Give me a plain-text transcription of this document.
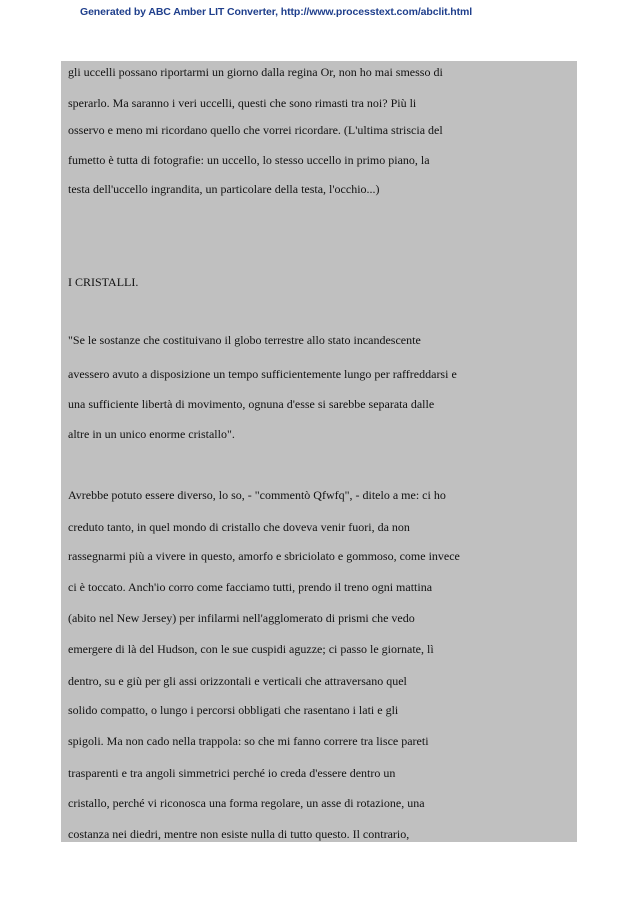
Generated by ABC Amber LIT Converter, http://www.processtext.com/abclit.html
gli uccelli possano riportarmi un giorno dalla regina Or, non ho mai smesso di
sperarlo. Ma saranno i veri uccelli, questi che sono rimasti tra noi? Più li
osservo e meno mi ricordano quello che vorrei ricordare. (L'ultima striscia del
fumetto è tutta di fotografie: un uccello, lo stesso uccello in primo piano, la
testa dell'uccello ingrandita, un particolare della testa, l'occhio...)
I CRISTALLI.
"Se le sostanze che costituivano il globo terrestre allo stato incandescente
avessero avuto a disposizione un tempo sufficientemente lungo per raffreddarsi e
una sufficiente libertà di movimento, ognuna d'esse si sarebbe separata dalle
altre in un unico enorme cristallo".
Avrebbe potuto essere diverso, lo so, - "commentò Qfwfq", - ditelo a me: ci ho
creduto tanto, in quel mondo di cristallo che doveva venir fuori, da non
rassegnarmi più a vivere in questo, amorfo e sbriciolato e gommoso, come invece
ci è toccato. Anch'io corro come facciamo tutti, prendo il treno ogni mattina
(abito nel New Jersey) per infilarmi nell'agglomerato di prismi che vedo
emergere di là del Hudson, con le sue cuspidi aguzze; ci passo le giornate, lì
dentro, su e giù per gli assi orizzontali e verticali che attraversano quel
solido compatto, o lungo i percorsi obbligati che rasentano i lati e gli
spigoli. Ma non cado nella trappola: so che mi fanno correre tra lisce pareti
trasparenti e tra angoli simmetrici perché io creda d'essere dentro un
cristallo, perché vi riconosca una forma regolare, un asse di rotazione, una
costanza nei diedri, mentre non esiste nulla di tutto questo. Il contrario,
